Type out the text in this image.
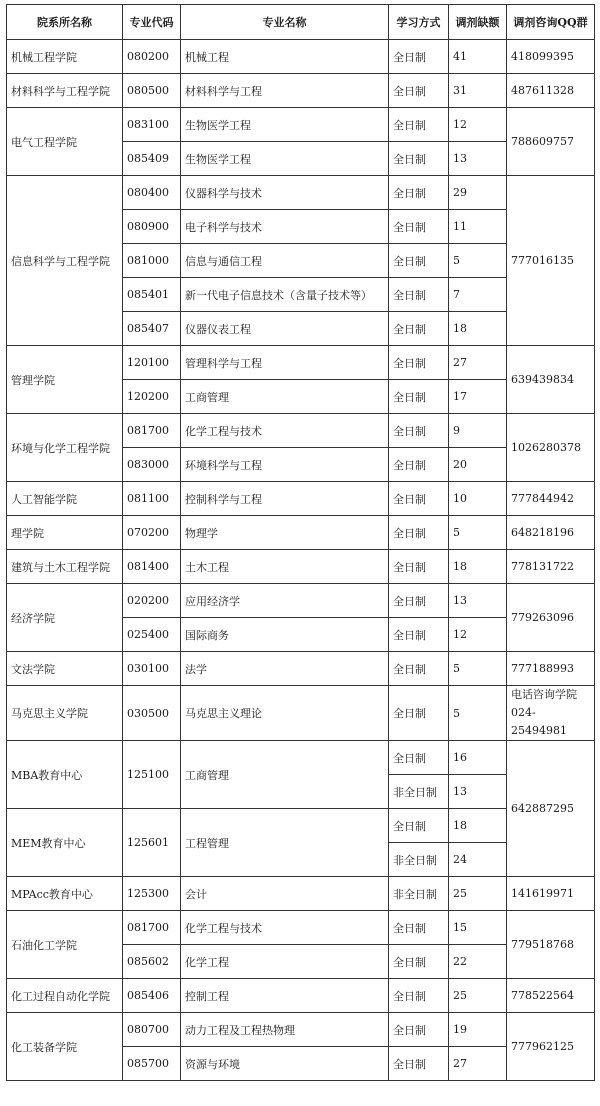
院系所名称	专业代码	专业名称	学习方式	调剂缺额	调剂咨询QQ群
机械工程学院	080200	机械工程	全日制	41	418099395
材料科学与工程学院	080500	材料科学与工程	全日制	31	487611328
电气工程学院	083100	生物医学工程	全日制	12	788609757
	085409	生物医学工程	全日制	13	
信息科学与工程学院	080400	仪器科学与技术	全日制	29	777016135
	080900	电子科学与技术	全日制	11	
	081000	信息与通信工程	全日制	5	
	085401	新一代电子信息技术（含量子技术等）	全日制	7	
	085407	仪器仪表工程	全日制	18	
管理学院	120100	管理科学与工程	全日制	27	639439834
	120200	工商管理	全日制	17	
环境与化学工程学院	081700	化学工程与技术	全日制	9	1026280378
	083000	环境科学与工程	全日制	20	
人工智能学院	081100	控制科学与工程	全日制	10	777844942
理学院	070200	物理学	全日制	5	648218196
建筑与土木工程学院	081400	土木工程	全日制	18	778131722
经济学院	020200	应用经济学	全日制	13	779263096
	025400	国际商务	全日制	12	
文法学院	030100	法学	全日制	5	777188993
马克思主义学院	030500	马克思主义理论	全日制	5	电话咨询学院 024-25494981
MBA教育中心	125100	工商管理	全日制	16	642887295
			非全日制	13	
MEM教育中心	125601	工程管理	全日制	18	
			非全日制	24	
MPAcc教育中心	125300	会计	非全日制	25	141619971
石油化工学院	081700	化学工程与技术	全日制	15	779518768
	085602	化学工程	全日制	22	
化工过程自动化学院	085406	控制工程	全日制	25	778522564
化工装备学院	080700	动力工程及工程热物理	全日制	19	777962125
	085700	资源与环境	全日制	27	
